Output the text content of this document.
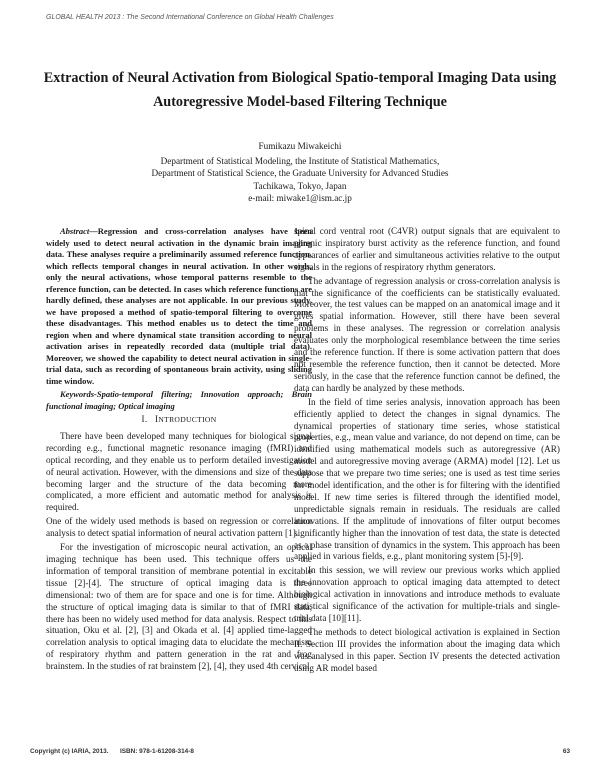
GLOBAL HEALTH 2013 : The Second International Conference on Global Health Challenges
Extraction of Neural Activation from Biological Spatio-temporal Imaging Data using Autoregressive Model-based Filtering Technique
Fumikazu Miwakeichi
Department of Statistical Modeling, the Institute of Statistical Mathematics,
Department of Statistical Science, the Graduate University for Advanced Studies
Tachikawa, Tokyo, Japan
e-mail: miwake1@ism.ac.jp

Abstract—Regression and cross-correlation analyses have been widely used to detect neural activation in the dynamic brain imaging data. These analyses require a preliminarily assumed reference function, which reflects temporal changes in neural activation. In other words, only the neural activations, whose temporal patterns resemble to the rference function, can be detected. In cases which reference functions are hardly defined, these analyses are not applicable. In our previous study, we have proposed a method of spatio-temporal filtering to overcome these disadvantages. This method enables us to detect the time and region when and where dynamical state transition according to neural activation arises in repeatedly recorded data (multiple trial data). Moreover, we showed the capability to detect neural activation in single-trial data, such as recording of spontaneous brain activity, using sliding time window.

Keywords-Spatio-temporal filtering; Innovation approach; Brain functional imaging; Optical imaging

I. INTRODUCTION

There have been developed many techniques for biological signal recording e.g., functional magnetic resonance imaging (fMRI) and optical recording, and they enable us to perform detailed investigation of neural activation. However, with the dimensions and size of the data becoming larger and the structure of the data becoming more complicated, a more efficient and automatic method for analysis is required.

One of the widely used methods is based on regression or correlation analysis to detect spatial information of neural activation pattern [1].

For the investigation of microscopic neural activation, an optical imaging technique has been used. This technique offers us the information of temporal transition of membrane potential in excitable tissue [2]-[4]. The structure of optical imaging data is three dimensional: two of them are for space and one is for time. Although the structure of optical imaging data is similar to that of fMRI data, there has been no widely used method for data analysis. Respect to this situation, Oku et al. [2], [3] and Okada et al. [4] applied time-lagged correlation analysis to optical imaging data to elucidate the mechanism of respiratory rhythm and pattern generation in the rat and frog brainstem. In the studies of rat brainstem [2], [4], they used 4th cervical

spinal cord ventral root (C4VR) output signals that are equivalent to phrenic inspiratory burst activity as the reference function, and found appearances of earlier and simultaneous activities relative to the output signals in the regions of respiratory rhythm generators.

The advantage of regression analysis or cross-correlation analysis is that the significance of the coefficients can be statistically evaluated. Moreover, the test values can be mapped on an anatomical image and it gives spatial information. However, still there have been several problems in these analyses. The regression or correlation analysis evaluates only the morphological resemblance between the time series and the reference function. If there is some activation pattern that does not resemble the reference function, then it cannot be detected. More seriously, in the case that the reference function cannot be defined, the data can hardly be analyzed by these methods.

In the field of time series analysis, innovation approach has been efficiently applied to detect the changes in signal dynamics. The dynamical properties of stationary time series, whose statistical properties, e.g., mean value and variance, do not depend on time, can be identified using mathematical models such as autoregressive (AR) model and autoregressive moving average (ARMA) model [12]. Let us suppose that we prepare two time series; one is used as test time series for model identification, and the other is for filtering with the identified model. If new time series is filtered through the identified model, unpredictable signals remain in residuals. The residuals are called innovations. If the amplitude of innovations of filter output becomes significantly higher than the innovation of test data, the state is detected as a phase transition of dynamics in the system. This approach has been applied in various fields, e.g., plant monitoring system [5]-[9].

In this session, we will review our previous works which applied the innovation approach to optical imaging data attempted to detect biological activation in innovations and introduce methods to evaluate statistical significance of the activation for multiple-trials and single-trial data [10][11].

The methods to detect biological activation is explained in Section II. Section III provides the information about the imaging data which was analysed in this paper. Section IV presents the detected activation using AR model based

Copyright (c) IARIA, 2013. ISBN: 978-1-61208-314-8	63
